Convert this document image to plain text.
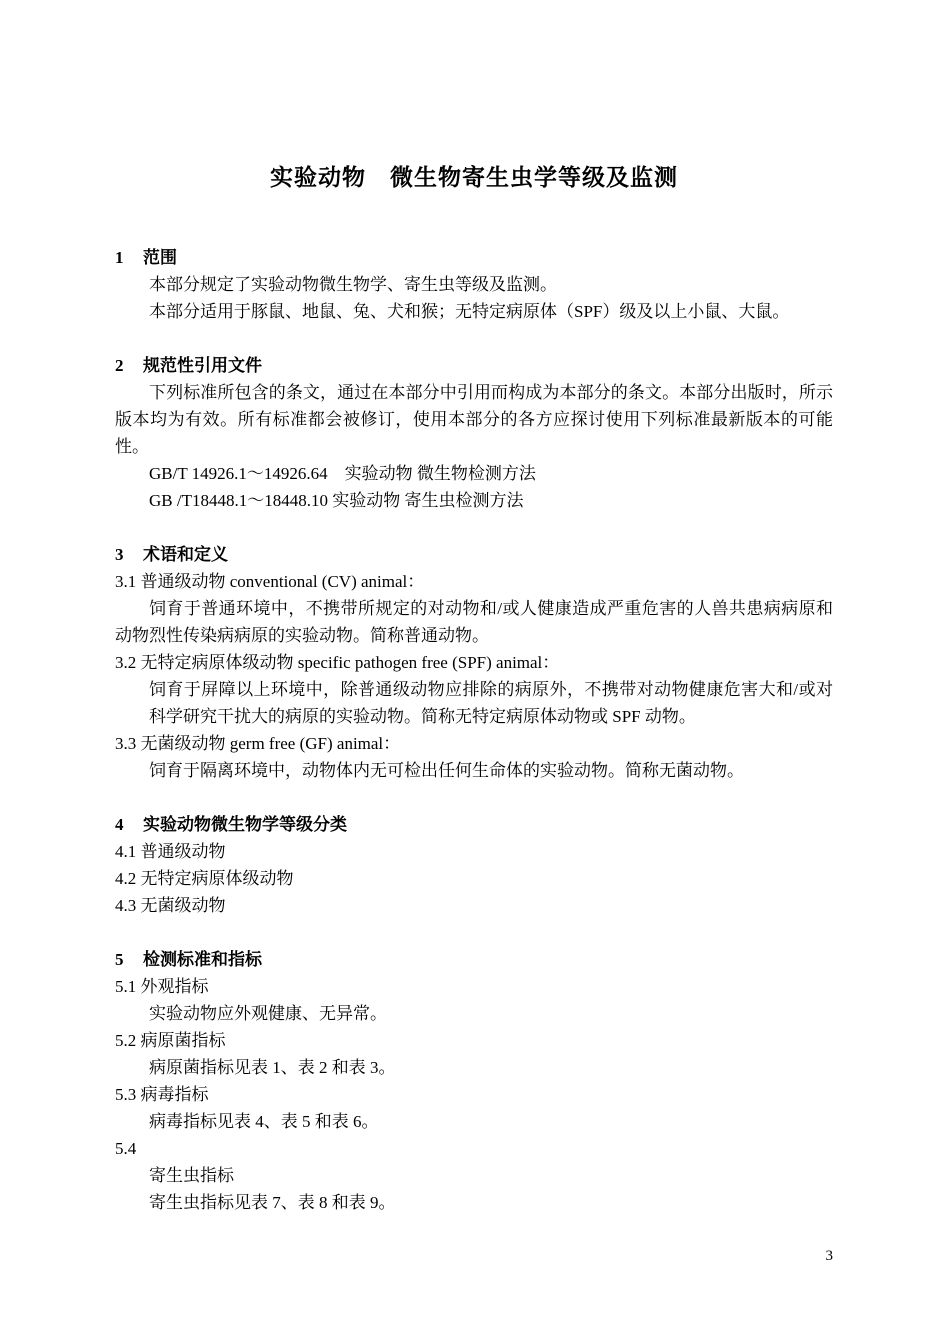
实验动物　微生物寄生虫学等级及监测
1	范围

本部分规定了实验动物微生物学、寄生虫等级及监测。

本部分适用于豚鼠、地鼠、兔、犬和猴；无特定病原体（SPF）级及以上小鼠、大鼠。

2	规范性引用文件

下列标准所包含的条文，通过在本部分中引用而构成为本部分的条文。本部分出版时，所示版本均为有效。所有标准都会被修订，使用本部分的各方应探讨使用下列标准最新版本的可能性。

GB/T 14926.1～14926.64　实验动物 微生物检测方法

GB /T18448.1～18448.10 实验动物 寄生虫检测方法

3	术语和定义

3.1 普通级动物 conventional (CV) animal：

饲育于普通环境中，不携带所规定的对动物和/或人健康造成严重危害的人兽共患病病原和动物烈性传染病病原的实验动物。简称普通动物。

3.2 无特定病原体级动物 specific pathogen free (SPF) animal：

饲育于屏障以上环境中，除普通级动物应排除的病原外，不携带对动物健康危害大和/或对科学研究干扰大的病原的实验动物。简称无特定病原体动物或 SPF 动物。

3.3 无菌级动物 germ free (GF) animal：

饲育于隔离环境中，动物体内无可检出任何生命体的实验动物。简称无菌动物。

4	实验动物微生物学等级分类

4.1 普通级动物

4.2 无特定病原体级动物

4.3 无菌级动物

5	检测标准和指标

5.1 外观指标

实验动物应外观健康、无异常。

5.2 病原菌指标

病原菌指标见表 1、表 2 和表 3。

5.3 病毒指标

病毒指标见表 4、表 5 和表 6。

5.4

寄生虫指标

寄生虫指标见表 7、表 8 和表 9。

3
